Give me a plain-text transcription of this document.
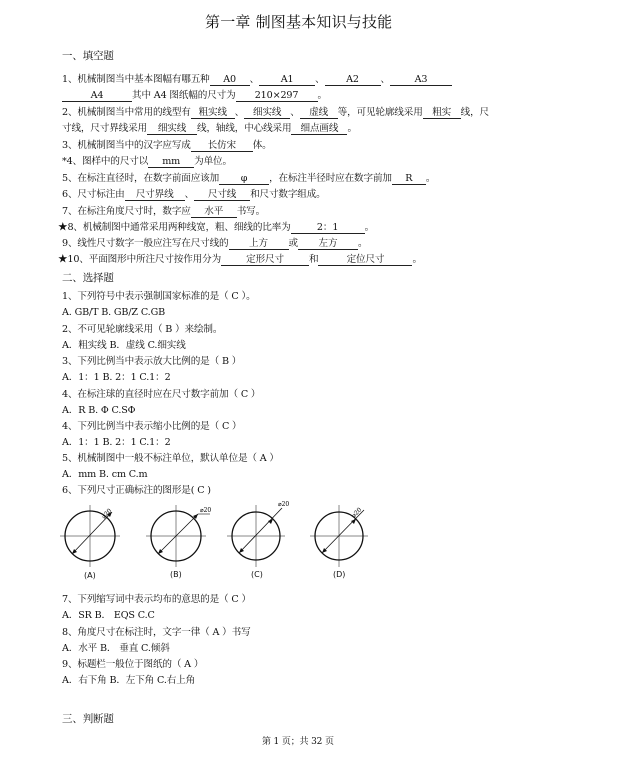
第一章 制图基本知识与技能
一、填空题
1、机械制图当中基本图幅有哪五种 A0 、 A1 、 A2 、	A3
A4	其中 A4 图纸幅的尺寸为 210×297 。
2、机械制图当中常用的线型有 粗实线 、 细实线 、 虚线 等，可见轮廓线采用 粗实 线，尺
寸线，尺寸界线采用 细实线 线，轴线，中心线采用 细点画线 。
3、机械制图当中的汉字应写成 长仿宋 体。
*4、图样中的尺寸以 mm 为单位。
5、在标注直径时，在数字前面应该加 φ ，在标注半径时应在数字前加 R 。
6、尺寸标注由 尺寸界线 、 尺寸线 和尺寸数字组成。
7、在标注角度尺寸时，数字应 水平 书写。
★8、机械制图中通常采用两种线宽，粗、细线的比率为	2：1	。
9、线性尺寸数字一般应注写在尺寸线的 上方 或 左方 。
★10、平面图形中所注尺寸按作用分为	定形尺寸	和	定位尺寸	。
二、选择题
1、下列符号中表示强制国家标准的是（ C ）。
A. GB/T B. GB/Z C.GB
2、不可见轮廓线采用（ B ）来绘制。
A．粗实线 B．虚线 C.细实线
3、下列比例当中表示放大比例的是（ B ）
A．1：1 B. 2：1 C.1：2
4、在标注球的直径时应在尺寸数字前加（ C ）
A．R B. Φ C.SΦ
4、下列比例当中表示缩小比例的是（ C ）
A．1：1 B. 2：1 C.1：2
5、机械制图中一般不标注单位，默认单位是（ A ）
A．mm B. cm C.m
6、下列尺寸正确标注的图形是( C )
⌀20	⌀20
⌀20
⌀20
(A)	(B)	(C)	(D)
7、下列缩写词中表示均布的意思的是（ C ）
A．SR B． EQS C.C
8、角度尺寸在标注时，文字一律（ A ）书写
A．水平 B． 垂直 C.倾斜
9、标题栏一般位于图纸的（ A ）
A．右下角 B．左下角 C.右上角
三、判断题
第 1 页；共 32 页
